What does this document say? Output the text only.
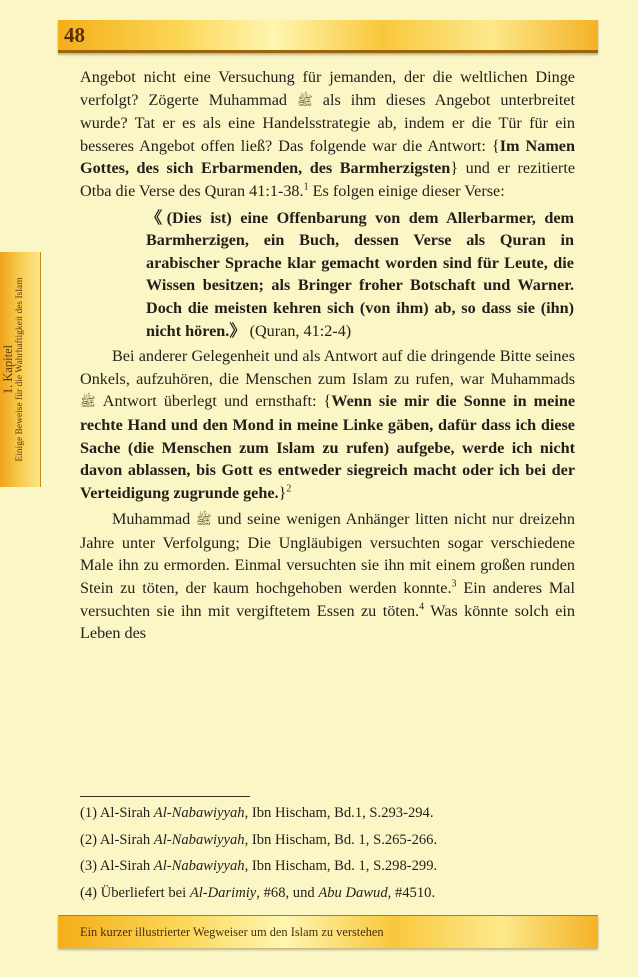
1. Kapitel Einige Beweise für die Wahrhaftigkeit des Islam
48

Angebot nicht eine Versuchung für jemanden, der die weltlichen Dinge verfolgt? Zögerte Muhammad ﷺ als ihm dieses Angebot unterbreitet wurde? Tat er es als eine Handelsstrategie ab, indem er die Tür für ein besseres Angebot offen ließ? Das folgende war die Antwort: {Im Namen Gottes, des sich Erbarmenden, des Barmherzigsten} und er rezitierte Otba die Verse des Quran 41:1-38.$^1$ Es folgen einige dieser Verse:

《(Dies ist) eine Offenbarung von dem Allerbarmer, dem Barmherzigen, ein Buch, dessen Verse als Quran in arabischer Sprache klar gemacht worden sind für Leute, die Wissen besitzen; als Bringer froher Botschaft und Warner. Doch die meisten kehren sich (von ihm) ab, so dass sie (ihn) nicht hören.》 (Quran, 41:2-4)

Bei anderer Gelegenheit und als Antwort auf die dringende Bitte seines Onkels, aufzuhören, die Menschen zum Islam zu rufen, war Muhammads ﷺ Antwort überlegt und ernsthaft: {Wenn sie mir die Sonne in meine rechte Hand und den Mond in meine Linke gäben, dafür dass ich diese Sache (die Menschen zum Islam zu rufen) aufgebe, werde ich nicht davon ablassen, bis Gott es entweder siegreich macht oder ich bei der Verteidigung zugrunde gehe.}$^2$

Muhammad ﷺ und seine wenigen Anhänger litten nicht nur dreizehn Jahre unter Verfolgung; Die Ungläubigen versuchten sogar verschiedene Male ihn zu ermorden. Einmal versuchten sie ihn mit einem großen runden Stein zu töten, der kaum hochgehoben werden konnte.$^3$ Ein anderes Mal versuchten sie ihn mit vergiftetem Essen zu töten.$^4$ Was könnte solch ein Leben des

(1) Al-Sirah Al-Nabawiyyah, Ibn Hischam, Bd.1, S.293-294.

(2) Al-Sirah Al-Nabawiyyah, Ibn Hischam, Bd. 1, S.265-266.

(3) Al-Sirah Al-Nabawiyyah, Ibn Hischam, Bd. 1, S.298-299.

(4) Überliefert bei Al-Darimiy, #68, und Abu Dawud, #4510.

Ein kurzer illustrierter Wegweiser um den Islam zu verstehen
